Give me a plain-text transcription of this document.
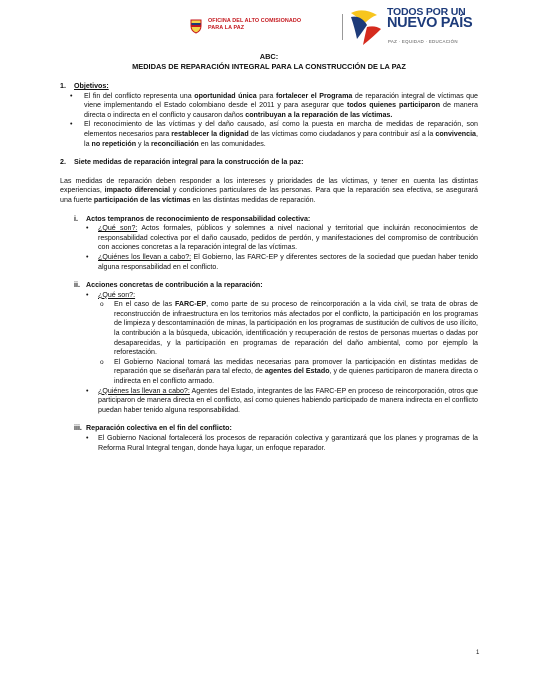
OFICINA DEL ALTO COMISIONADO
PARA LA PAZ
TODOS POR UN
NUEVO PAÍS
PAZ · EQUIDAD · EDUCACIÓN
ABC:
MEDIDAS DE REPARACIÓN INTEGRAL PARA LA CONSTRUCCIÓN DE LA PAZ
1.	Objetivos:
• El fin del conflicto representa una oportunidad única para fortalecer el Programa de reparación integral de víctimas que viene implementando el Estado colombiano desde el 2011 y para asegurar que todos quienes participaron de manera directa o indirecta en el conflicto y causaron daños contribuyan a la reparación de las víctimas.
• El reconocimiento de las víctimas y del daño causado, así como la puesta en marcha de medidas de reparación, son elementos necesarios para restablecer la dignidad de las víctimas como ciudadanos y para contribuir así a la convivencia, la no repetición y la reconciliación en las comunidades.
2.	Siete medidas de reparación integral para la construcción de la paz:

Las medidas de reparación deben responder a los intereses y prioridades de las víctimas, y tener en cuenta las distintas experiencias, impacto diferencial y condiciones particulares de las personas. Para que la reparación sea efectiva, se asegurará una fuerte participación de las víctimas en las distintas medidas de reparación.

i.	Actos tempranos de reconocimiento de responsabilidad colectiva:
• ¿Qué son?: Actos formales, públicos y solemnes a nivel nacional y territorial que incluirán reconocimientos de responsabilidad colectiva por el daño causado, pedidos de perdón, y manifestaciones del compromiso de contribución con acciones concretas a la reparación integral de las víctimas.
• ¿Quiénes los llevan a cabo?: El Gobierno, las FARC-EP y diferentes sectores de la sociedad que puedan haber tenido alguna responsabilidad en el conflicto.
ii. Acciones concretas de contribución a la reparación:
• ¿Qué son?:
o En el caso de las FARC-EP, como parte de su proceso de reincorporación a la vida civil, se trata de obras de reconstrucción de infraestructura en los territorios más afectados por el conflicto, la participación en los programas de limpieza y descontaminación de minas, la participación en los programas de sustitución de cultivos de uso ilícito, la contribución a la búsqueda, ubicación, identificación y recuperación de restos de personas muertas o dadas por desaparecidas, y la participación en programas de reparación del daño ambiental, como por ejemplo la reforestación.
o El Gobierno Nacional tomará las medidas necesarias para promover la participación en distintas medidas de reparación que se diseñarán para tal efecto, de agentes del Estado, y de quienes participaron de manera directa o indirecta en el conflicto armado.
• ¿Quiénes las llevan a cabo?: Agentes del Estado, integrantes de las FARC-EP en proceso de reincorporación, otros que participaron de manera directa en el conflicto, así como quienes habiendo participado de manera indirecta en el conflicto puedan haber tenido alguna responsabilidad.
iii. Reparación colectiva en el fin del conflicto:
• El Gobierno Nacional fortalecerá los procesos de reparación colectiva y garantizará que los planes y programas de la Reforma Rural Integral tengan, donde haya lugar, un enfoque reparador.
1
